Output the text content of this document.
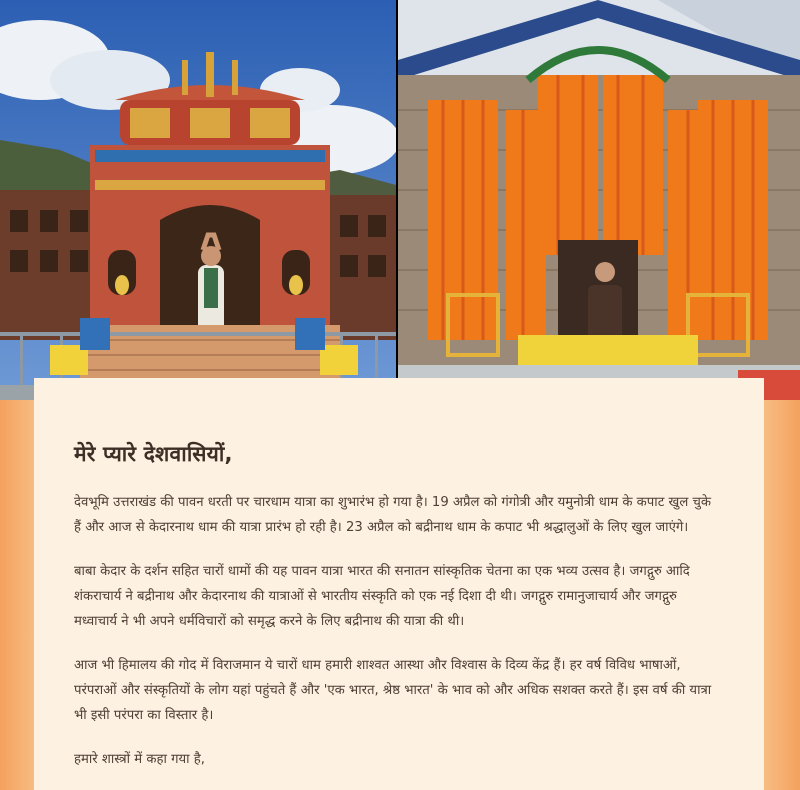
मेरे प्यारे देशवासियों,

देवभूमि उत्तराखंड की पावन धरती पर चारधाम यात्रा का शुभारंभ हो गया है। 19 अप्रैल को गंगोत्री और यमुनोत्री धाम के कपाट खुल चुके हैं और आज से केदारनाथ धाम की यात्रा प्रारंभ हो रही है। 23 अप्रैल को बद्रीनाथ धाम के कपाट भी श्रद्धालुओं के लिए खुल जाएंगे।

बाबा केदार के दर्शन सहित चारों धामों की यह पावन यात्रा भारत की सनातन सांस्कृतिक चेतना का एक भव्य उत्सव है। जगद्गुरु आदि शंकराचार्य ने बद्रीनाथ और केदारनाथ की यात्राओं से भारतीय संस्कृति को एक नई दिशा दी थी। जगद्गुरु रामानुजाचार्य और जगद्गुरु मध्वाचार्य ने भी अपने धर्मविचारों को समृद्ध करने के लिए बद्रीनाथ की यात्रा की थी।

आज भी हिमालय की गोद में विराजमान ये चारों धाम हमारी शाश्वत आस्था और विश्वास के दिव्य केंद्र हैं। हर वर्ष विविध भाषाओं, परंपराओं और संस्कृतियों के लोग यहां पहुंचते हैं और 'एक भारत, श्रेष्ठ भारत' के भाव को और अधिक सशक्त करते हैं। इस वर्ष की यात्रा भी इसी परंपरा का विस्तार है।

हमारे शास्त्रों में कहा गया है,
